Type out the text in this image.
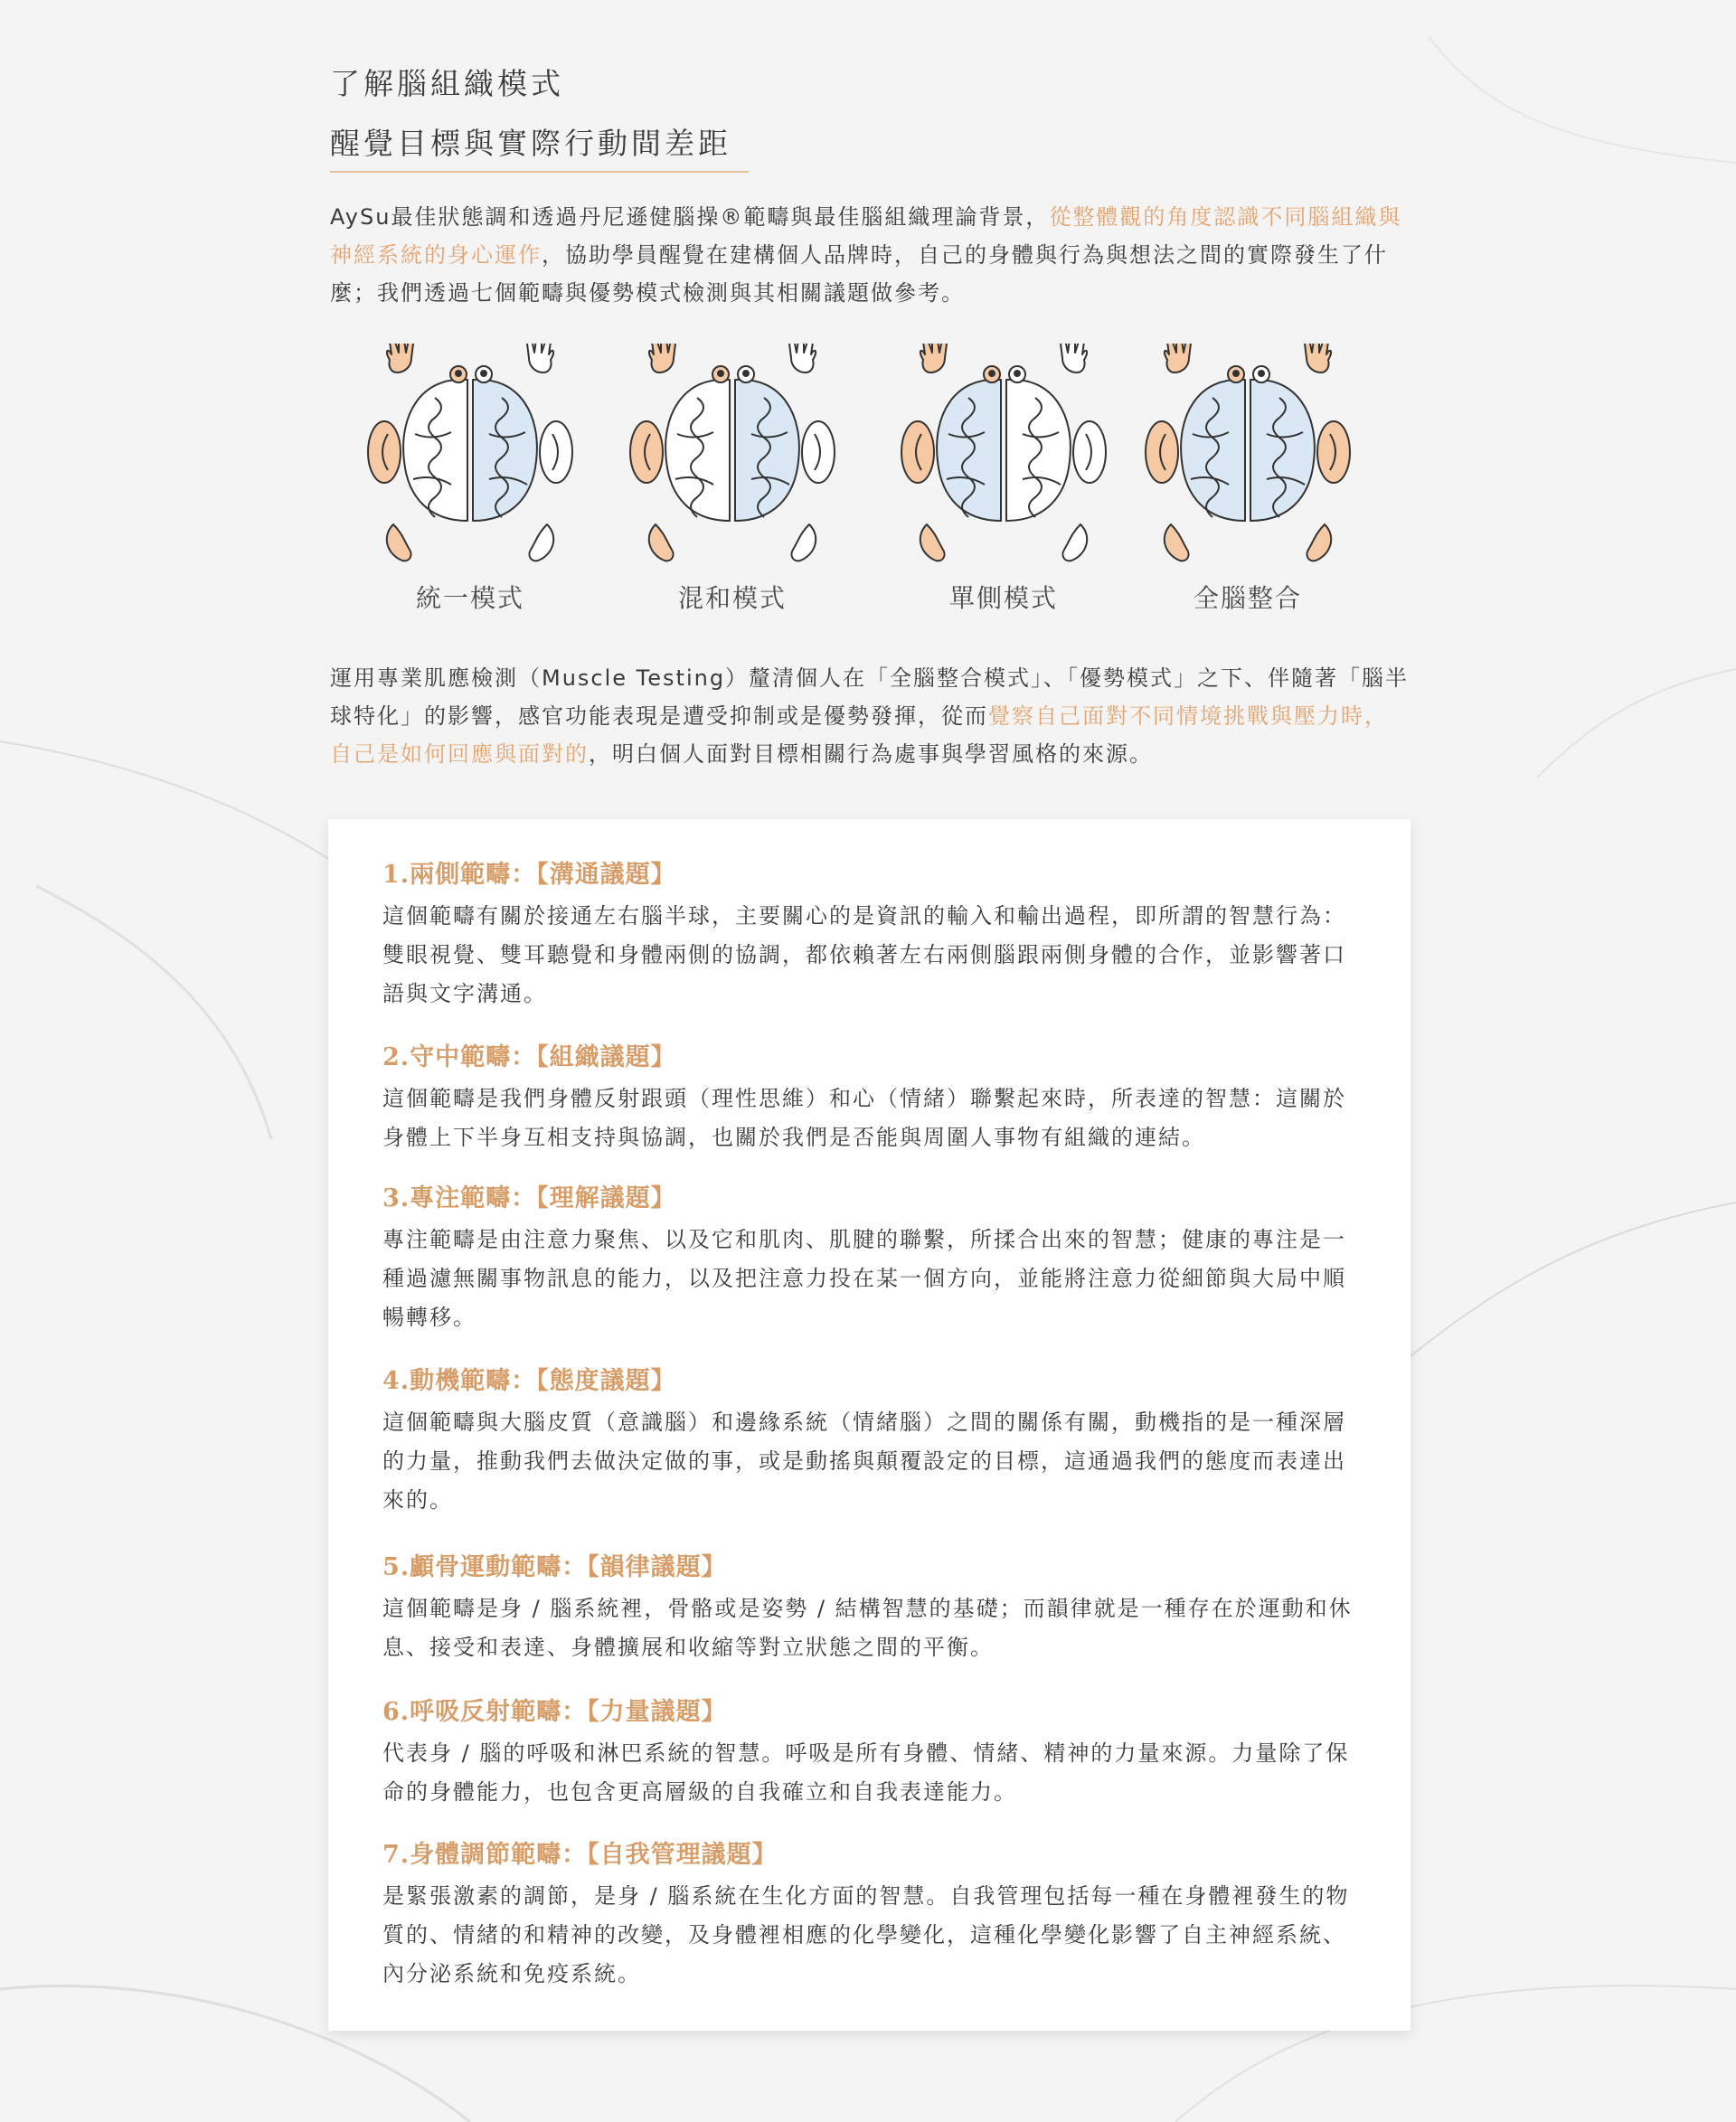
了解腦組織模式
醒覺目標與實際行動間差距

AySu最佳狀態調和透過丹尼遜健腦操®範疇與最佳腦組織理論背景，從整體觀的角度認識不同腦組織與神經系統的身心運作，協助學員醒覺在建構個人品牌時，自己的身體與行為與想法之間的實際發生了什麼；我們透過七個範疇與優勢模式檢測與其相關議題做參考。

統一模式	混和模式	單側模式	全腦整合

運用專業肌應檢測（Muscle Testing）釐清個人在「全腦整合模式」、「優勢模式」之下、伴隨著「腦半球特化」的影響，感官功能表現是遭受抑制或是優勢發揮，從而覺察自己面對不同情境挑戰與壓力時，自己是如何回應與面對的，明白個人面對目標相關行為處事與學習風格的來源。

1.兩側範疇：【溝通議題】

這個範疇有關於接通左右腦半球，主要關心的是資訊的輸入和輸出過程，即所謂的智慧行為：雙眼視覺、雙耳聽覺和身體兩側的協調，都依賴著左右兩側腦跟兩側身體的合作，並影響著口語與文字溝通。

2.守中範疇：【組織議題】

這個範疇是我們身體反射跟頭（理性思維）和心（情緒）聯繫起來時，所表達的智慧：這關於身體上下半身互相支持與協調，也關於我們是否能與周圍人事物有組織的連結。

3.專注範疇：【理解議題】

專注範疇是由注意力聚焦、以及它和肌肉、肌腱的聯繫，所揉合出來的智慧；健康的專注是一種過濾無關事物訊息的能力，以及把注意力投在某一個方向，並能將注意力從細節與大局中順暢轉移。

4.動機範疇：【態度議題】

這個範疇與大腦皮質（意識腦）和邊緣系統（情緒腦）之間的關係有關，動機指的是一種深層的力量，推動我們去做決定做的事，或是動搖與顛覆設定的目標，這通過我們的態度而表達出來的。

5.顱骨運動範疇：【韻律議題】

這個範疇是身 / 腦系統裡，骨骼或是姿勢 / 結構智慧的基礎；而韻律就是一種存在於運動和休息、接受和表達、身體擴展和收縮等對立狀態之間的平衡。

6.呼吸反射範疇：【力量議題】

代表身 / 腦的呼吸和淋巴系統的智慧。呼吸是所有身體、情緒、精神的力量來源。力量除了保命的身體能力，也包含更高層級的自我確立和自我表達能力。

7.身體調節範疇：【自我管理議題】

是緊張激素的調節，是身 / 腦系統在生化方面的智慧。自我管理包括每一種在身體裡發生的物質的、情緒的和精神的改變，及身體裡相應的化學變化，這種化學變化影響了自主神經系統、內分泌系統和免疫系統。
